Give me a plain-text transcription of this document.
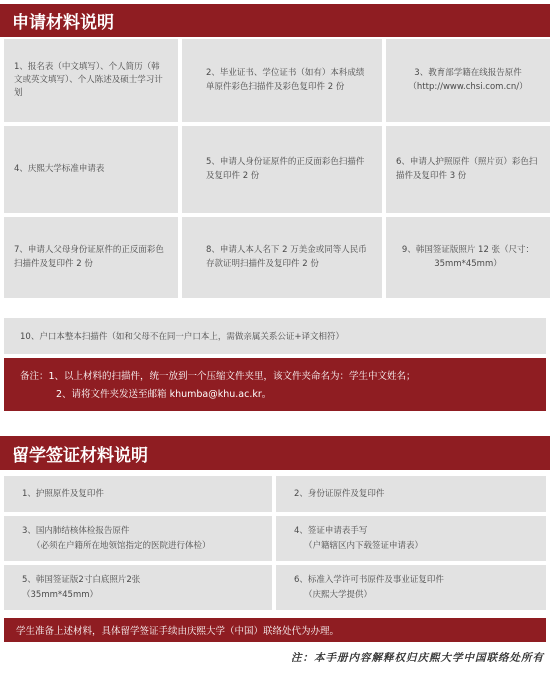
申请材料说明
1、报名表（中文填写）、个人简历（韩文或英文填写）、个人陈述及硕士学习计划
2、毕业证书、学位证书（如有）本科成绩单原件彩色扫描件及彩色复印件 2 份
3、教育部学籍在线报告原件（http://www.chsi.com.cn/）
4、庆熙大学标准申请表
5、申请人身份证原件的正反面彩色扫描件及复印件 2 份
6、申请人护照原件（照片页）彩色扫描件及复印件 3 份
7、申请人父母身份证原件的正反面彩色扫描件及复印件 2 份
8、申请人本人名下 2 万美金或同等人民币存款证明扫描件及复印件 2 份
9、韩国签证版照片 12 张（尺寸：35mm*45mm）
10、户口本整本扫描件（如和父母不在同一户口本上，需做亲属关系公证+译文相符）
备注：1、以上材料的扫描件，统一放到一个压缩文件夹里，该文件夹命名为：学生中文姓名；
2、请将文件夹发送至邮箱 khumba@khu.ac.kr。
留学签证材料说明
1、护照原件及复印件	2、身份证原件及复印件
3、国内肺结核体检报告原件
（必须在户籍所在地领馆指定的医院进行体检）
4、签证申请表手写
（户籍辖区内下载签证申请表）
5、韩国签证版2寸白底照片2张
（35mm*45mm）
6、标准入学许可书原件及事业证复印件
（庆熙大学提供）
学生准备上述材料，具体留学签证手续由庆熙大学（中国）联络处代为办理。
注：本手册内容解释权归庆熙大学中国联络处所有
